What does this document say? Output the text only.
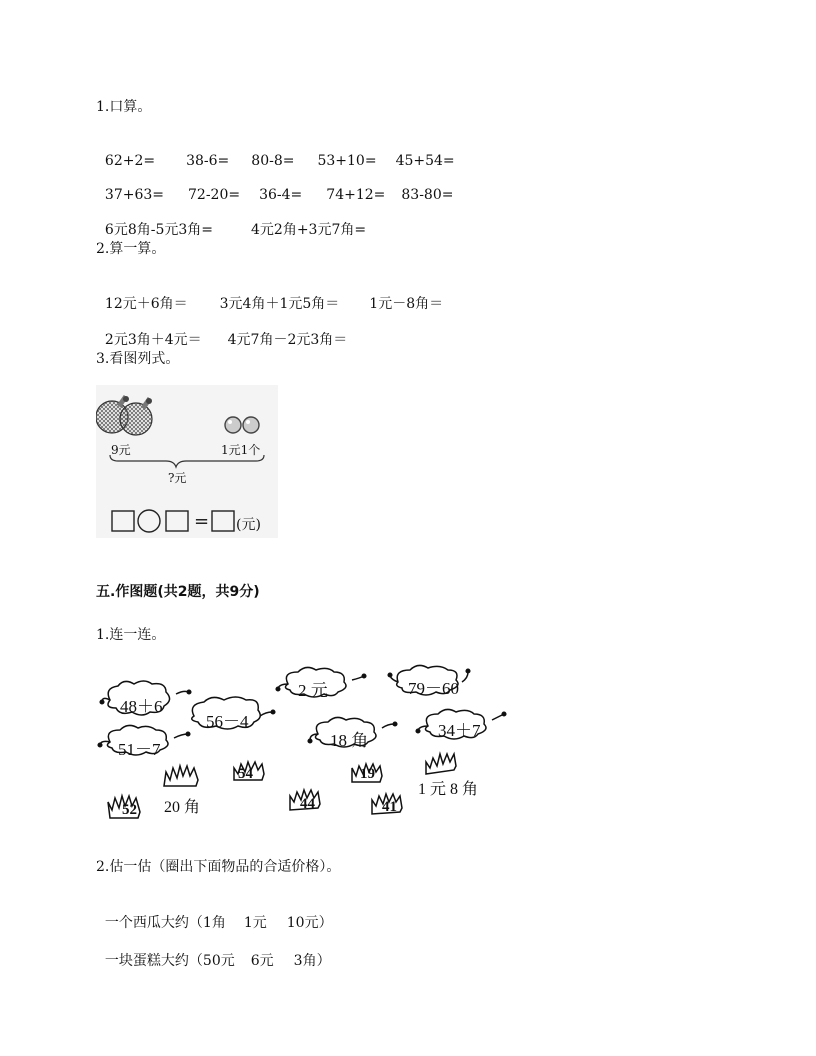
1.口算。

62+2= 38-6= 80-8= 53+10= 45+54=

37+63= 72-20= 36-4= 74+12= 83-80=

6元8角-5元3角=	4元2角+3元7角=

2.算一算。

12元＋6角＝ 3元4角＋1元5角＝ 1元－8角＝

2元3角＋4元＝ 4元7角－2元3角＝

3.看图列式。
=
9元	1元1个
?元
(元)
五.作图题(共2题，共9分)
1.连一连。
48＋6
56－4
51－7
2 元
18 角
79－60
34＋7
54	19
52	44	41
20 角
1 元 8 角
2.估一估（圈出下面物品的合适价格）。

一个西瓜大约（1角 1元 10元）

一块蛋糕大约（50元 6元 3角）
